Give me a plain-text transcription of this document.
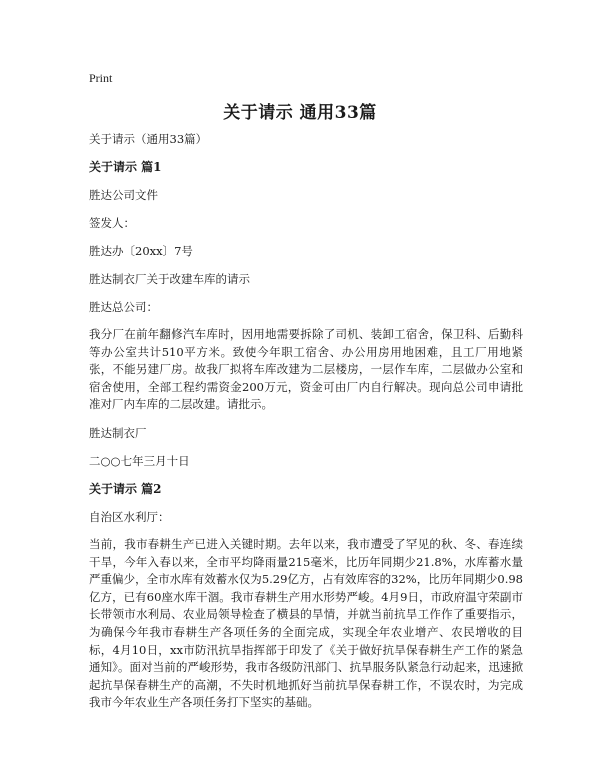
Print
关于请示 通用33篇
关于请示（通用33篇）
关于请示 篇1
胜达公司文件
签发人：
胜达办〔20xx〕7号
胜达制衣厂关于改建车库的请示
胜达总公司：
我分厂在前年翻修汽车库时，因用地需要拆除了司机、装卸工宿舍，保卫科、后勤科等办公室共计510平方米。致使今年职工宿舍、办公用房用地困难，且工厂用地紧张，不能另建厂房。故我厂拟将车库改建为二层楼房，一层作车库，二层做办公室和宿舍使用，全部工程约需资金200万元，资金可由厂内自行解决。现向总公司申请批准对厂内车库的二层改建。请批示。
胜达制衣厂
二○○七年三月十日
关于请示 篇2
自治区水利厅：
当前，我市春耕生产已进入关键时期。去年以来，我市遭受了罕见的秋、冬、春连续干旱，今年入春以来，全市平均降雨量215毫米，比历年同期少21.8%，水库蓄水量严重偏少，全市水库有效蓄水仅为5.29亿方，占有效库容的32%，比历年同期少0.98亿方，已有60座水库干涸。我市春耕生产用水形势严峻。4月9日，市政府温守荣副市长带领市水利局、农业局领导检查了横县的旱情，并就当前抗旱工作作了重要指示，为确保今年我市春耕生产各项任务的全面完成，实现全年农业增产、农民增收的目标，4月10日，xx市防汛抗旱指挥部于印发了《关于做好抗旱保春耕生产工作的紧急通知》。面对当前的严峻形势，我市各级防汛部门、抗旱服务队紧急行动起来，迅速掀起抗旱保春耕生产的高潮，不失时机地抓好当前抗旱保春耕工作，不误农时，为完成我市今年农业生产各项任务打下坚实的基础。
